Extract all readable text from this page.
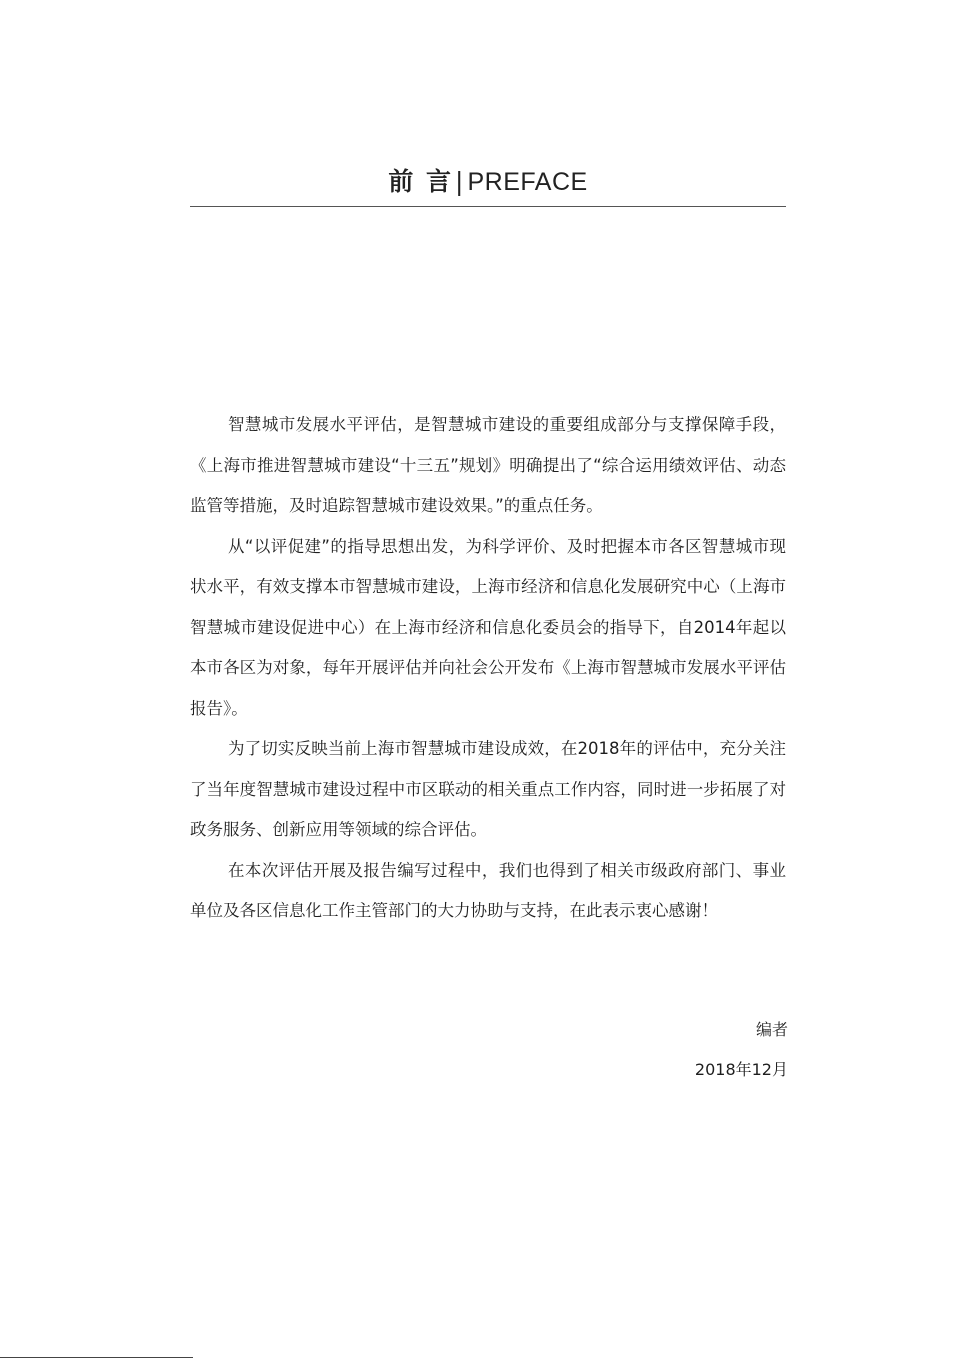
前 言| PREFACE

智慧城市发展水平评估，是智慧城市建设的重要组成部分与支撑保障手段，《上海市推进智慧城市建设“十三五”规划》明确提出了“综合运用绩效评估、动态监管等措施，及时追踪智慧城市建设效果。”的重点任务。

从“以评促建”的指导思想出发，为科学评价、及时把握本市各区智慧城市现状水平，有效支撑本市智慧城市建设，上海市经济和信息化发展研究中心（上海市智慧城市建设促进中心）在上海市经济和信息化委员会的指导下，自2014年起以本市各区为对象，每年开展评估并向社会公开发布《上海市智慧城市发展水平评估报告》。

为了切实反映当前上海市智慧城市建设成效，在2018年的评估中，充分关注了当年度智慧城市建设过程中市区联动的相关重点工作内容，同时进一步拓展了对政务服务、创新应用等领域的综合评估。

在本次评估开展及报告编写过程中，我们也得到了相关市级政府部门、事业单位及各区信息化工作主管部门的大力协助与支持，在此表示衷心感谢！

编者
2018年12月
